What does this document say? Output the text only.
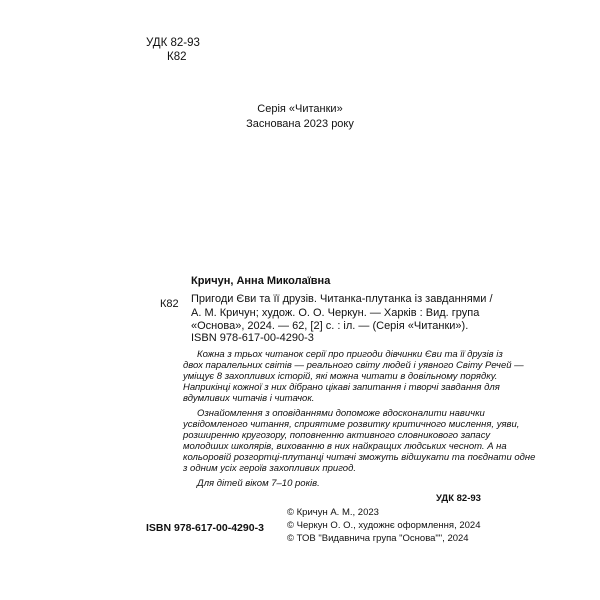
УДК 82-93
К82
Серія «Читанки»
Заснована 2023 року
Кричун, Анна Миколаївна
К82 Пригоди Єви та її друзів. Читанка-плутанка із завданнями /
А. М. Кричун; худож. О. О. Черкун. — Харків : Вид. група
«Основа», 2024. — 62, [2] с. : іл. — (Серія «Читанки»).
ISBN 978-617-00-4290-3
Кожна з трьох читанок серії про пригоди дівчинки Єви та її друзів із
двох паралельних світів — реального світу людей і уявного Світу Речей —
уміщує 8 захопливих історій, які можна читати в довільному порядку.
Наприкінці кожної з них дібрано цікаві запитання і творчі завдання для
вдумливих читачів і читачок.
Ознайомлення з оповіданнями допоможе вдосконалити навички
усвідомленого читання, сприятиме розвитку критичного мислення, уяви,
розширенню кругозору, поповненню активного словникового запасу
молодших школярів, вихованню в них найкращих людських чеснот. А на
кольоровій розгортці-плутанці читачі зможуть відшукати та поєднати одне
з одним усіх героїв захопливих пригод.
Для дітей віком 7–10 років.
УДК 82-93
© Кричун А. М., 2023
© Черкун О. О., художнє оформлення, 2024
© ТОВ "Видавнича група "Основа"", 2024
ISBN 978-617-00-4290-3
